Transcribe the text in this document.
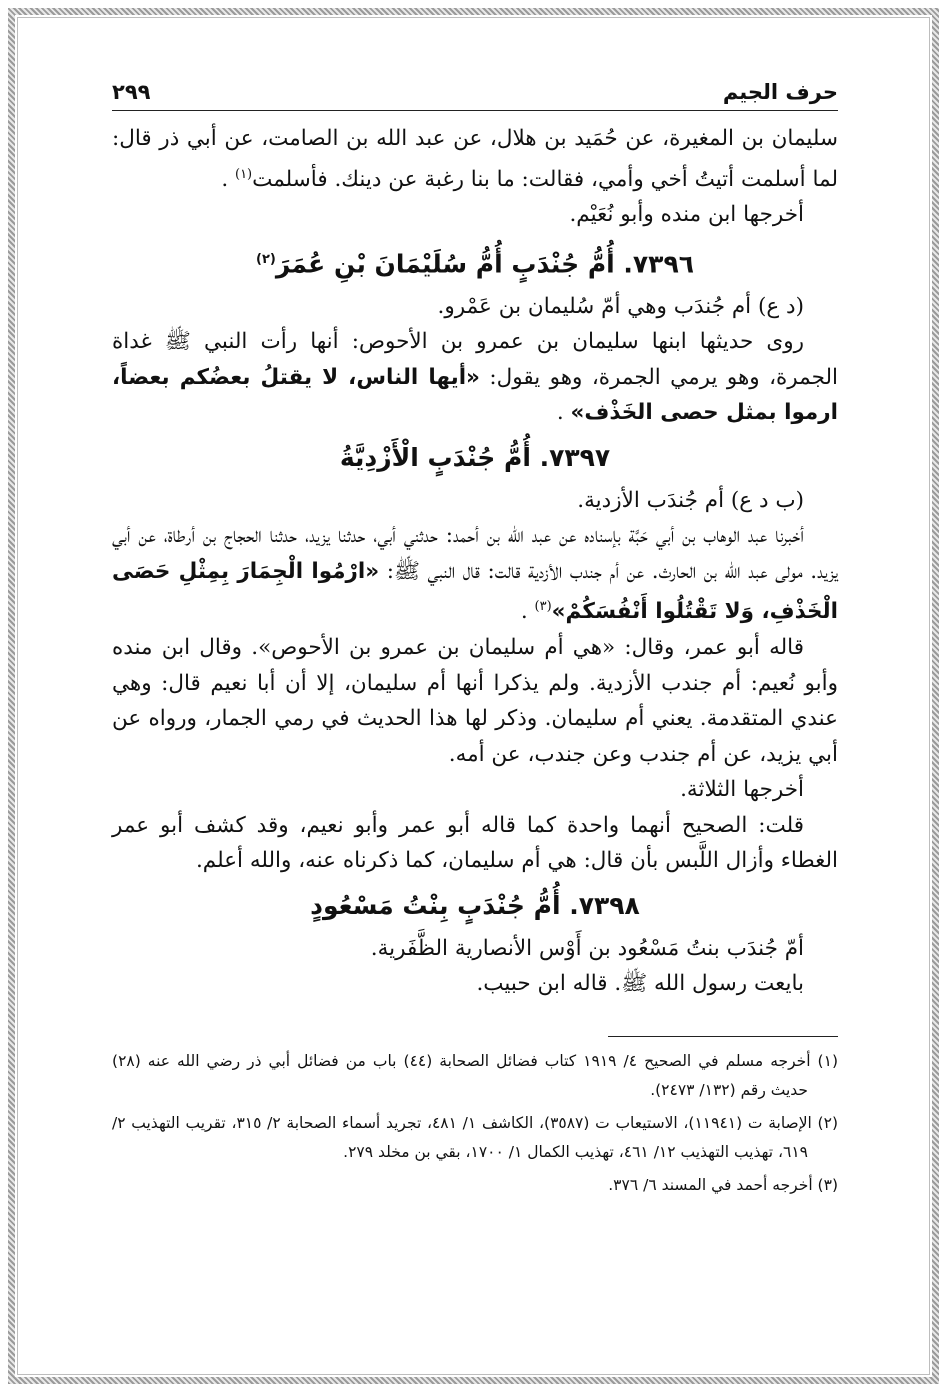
حرف الجيم
٢٩٩

سليمان بن المغيرة، عن حُمَيد بن هلال، عن عبد الله بن الصامت، عن أبي ذر قال: لما أسلمت أتيتُ أخي وأمي، فقالت: ما بنا رغبة عن دينك. فأسلمت$^{(١)}$ .

أخرجها ابن منده وأبو نُعَيْم.

٧٣٩٦. أُمُّ جُنْدَبٍ أُمُّ سُلَيْمَانَ بْنِ عُمَرَ$^{(٢)}$

(د ع) أم جُندَب وهي أمّ سُليمان بن عَمْرو.

روى حديثها ابنها سليمان بن عمرو بن الأحوص: أنها رأت النبي ﷺ غداة الجمرة، وهو يرمي الجمرة، وهو يقول: «أيها الناس، لا يقتلُ بعضُكم بعضاً، ارموا بمثل حصى الخَذْف» .

٧٣٩٧. أُمُّ جُنْدَبٍ الْأَزْدِيَّةُ

(ب د ع) أم جُندَب الأزدية.

أخبرنا عبد الوهاب بن أبي حَبَّة بإسناده عن عبد الله بن أحمد: حدثني أبي، حدثنا يزيد، حدثنا الحجاج بن أرطاة، عن أبي يزيد. مولى عبد الله بن الحارث. عن أم جندب الأزدية قالت: قال النبي ﷺ: «ارْمُوا الْجِمَارَ بِمِثْلِ حَصَى الْخَذْفِ، وَلا تَقْتُلُوا أَنْفُسَكُمْ»$^{(٣)}$ .

قاله أبو عمر، وقال: «هي أم سليمان بن عمرو بن الأحوص». وقال ابن منده وأبو نُعيم: أم جندب الأزدية. ولم يذكرا أنها أم سليمان، إلا أن أبا نعيم قال: وهي عندي المتقدمة. يعني أم سليمان. وذكر لها هذا الحديث في رمي الجمار، ورواه عن أبي يزيد، عن أم جندب وعن جندب، عن أمه.

أخرجها الثلاثة.

قلت: الصحيح أنهما واحدة كما قاله أبو عمر وأبو نعيم، وقد كشف أبو عمر الغطاء وأزال اللَّبس بأن قال: هي أم سليمان، كما ذكرناه عنه، والله أعلم.

٧٣٩٨. أُمُّ جُنْدَبٍ بِنْتُ مَسْعُودٍ

أمّ جُندَب بنتُ مَسْعُود بن أَوْس الأنصارية الظَّفَرية.

بايعت رسول الله ﷺ. قاله ابن حبيب.

(١) أخرجه مسلم في الصحيح ٤/ ١٩١٩ كتاب فضائل الصحابة (٤٤) باب من فضائل أبي ذر رضي الله عنه (٢٨) حديث رقم (١٣٢/ ٢٤٧٣).

(٢) الإصابة ت (١١٩٤١)، الاستيعاب ت (٣٥٨٧)، الكاشف ١/ ٤٨١، تجريد أسماء الصحابة ٢/ ٣١٥، تقريب التهذيب ٢/ ٦١٩، تهذيب التهذيب ١٢/ ٤٦١، تهذيب الكمال ١/ ١٧٠٠، بقي بن مخلد ٢٧٩.

(٣) أخرجه أحمد في المسند ٦/ ٣٧٦.
